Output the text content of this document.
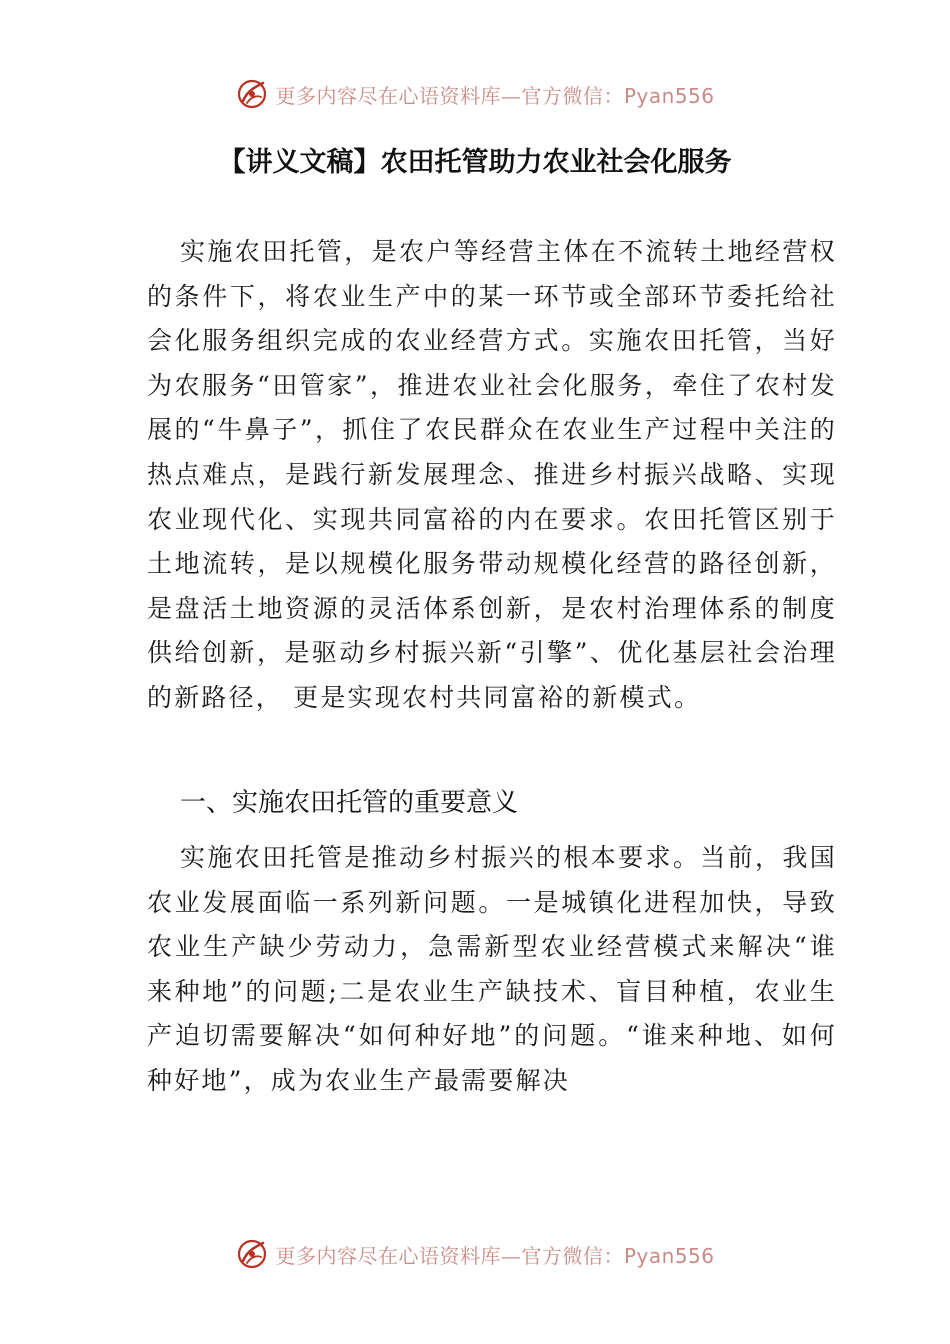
更多内容尽在心语资料库—官方微信：Pyan556
【讲义文稿】农田托管助力农业社会化服务

实施农田托管，是农户等经营主体在不流转土地经营权的条件下，将农业生产中的某一环节或全部环节委托给社会化服务组织完成的农业经营方式。实施农田托管，当好为农服务“田管家”，推进农业社会化服务，牵住了农村发展的“牛鼻子”，抓住了农民群众在农业生产过程中关注的热点难点，是践行新发展理念、推进乡村振兴战略、实现农业现代化、实现共同富裕的内在要求。农田托管区别于土地流转，是以规模化服务带动规模化经营的路径创新，是盘活土地资源的灵活体系创新，是农村治理体系的制度供给创新，是驱动乡村振兴新“引擎”、优化基层社会治理的新路径， 更是实现农村共同富裕的新模式。

一、实施农田托管的重要意义

实施农田托管是推动乡村振兴的根本要求。当前，我国农业发展面临一系列新问题。一是城镇化进程加快，导致农业生产缺少劳动力，急需新型农业经营模式来解决“谁来种地”的问题;二是农业生产缺技术、盲目种植，农业生产迫切需要解决“如何种好地”的问题。“谁来种地、如何种好地”，成为农业生产最需要解决

更多内容尽在心语资料库—官方微信：Pyan556
